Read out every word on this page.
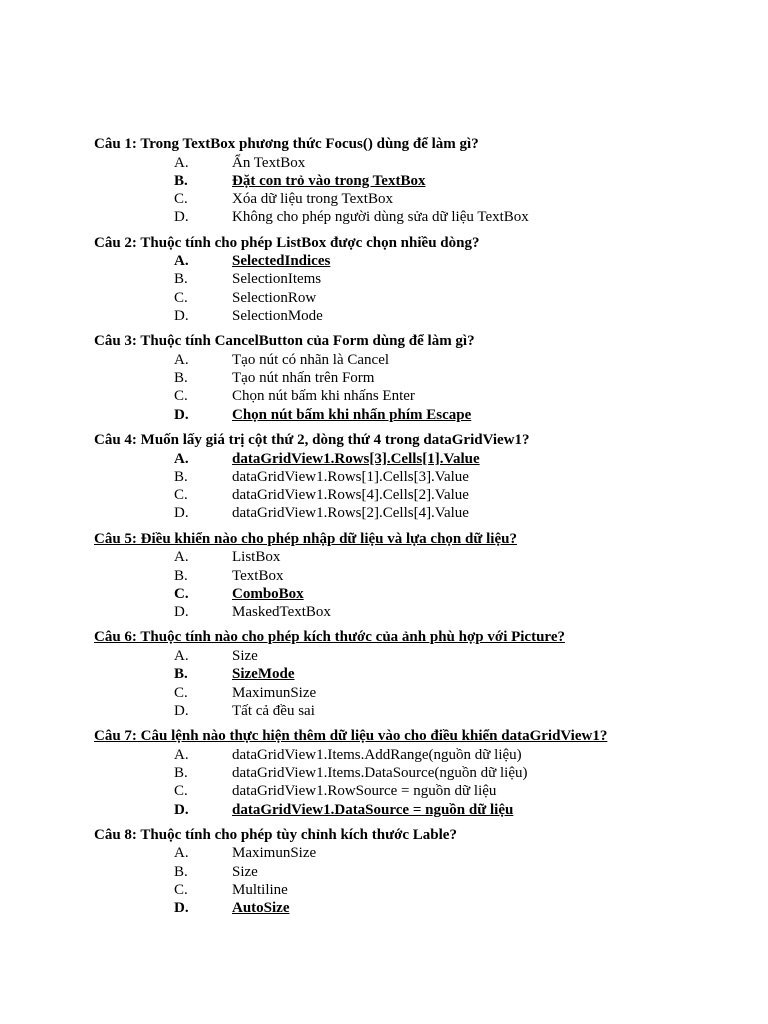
Câu 1: Trong TextBox phương thức Focus() dùng để làm gì?
A.	Ẩn TextBox
B.	Đặt con trỏ vào trong TextBox
C.	Xóa dữ liệu trong TextBox
D.	Không cho phép người dùng sửa dữ liệu TextBox
Câu 2: Thuộc tính cho phép ListBox được chọn nhiều dòng?
A.	SelectedIndices
B.	SelectionItems
C.	SelectionRow
D.	SelectionMode
Câu 3: Thuộc tính CancelButton của Form dùng để làm gì?
A.	Tạo nút có nhãn là Cancel
B.	Tạo nút nhấn trên Form
C.	Chọn nút bấm khi nhấns Enter
D.	Chọn nút bấm khi nhấn phím Escape
Câu 4: Muốn lấy giá trị cột thứ 2, dòng thứ 4 trong dataGridView1?
A.	dataGridView1.Rows[3].Cells[1].Value
B.	dataGridView1.Rows[1].Cells[3].Value
C.	dataGridView1.Rows[4].Cells[2].Value
D.	dataGridView1.Rows[2].Cells[4].Value
Câu 5: Điều khiển nào cho phép nhập dữ liệu và lựa chọn dữ liệu?
A.	ListBox
B.	TextBox
C.	ComboBox
D.	MaskedTextBox
Câu 6: Thuộc tính nào cho phép kích thước của ảnh phù hợp với Picture?
A.	Size
B.	SizeMode
C.	MaximunSize
D.	Tất cả đều sai
Câu 7: Câu lệnh nào thực hiện thêm dữ liệu vào cho điều khiển dataGridView1?
A.	dataGridView1.Items.AddRange(nguồn dữ liệu)
B.	dataGridView1.Items.DataSource(nguồn dữ liệu)
C.	dataGridView1.RowSource = nguồn dữ liệu
D.	dataGridView1.DataSource = nguồn dữ liệu
Câu 8: Thuộc tính cho phép tùy chỉnh kích thước Lable?
A.	MaximunSize
B.	Size
C.	Multiline
D.	AutoSize
